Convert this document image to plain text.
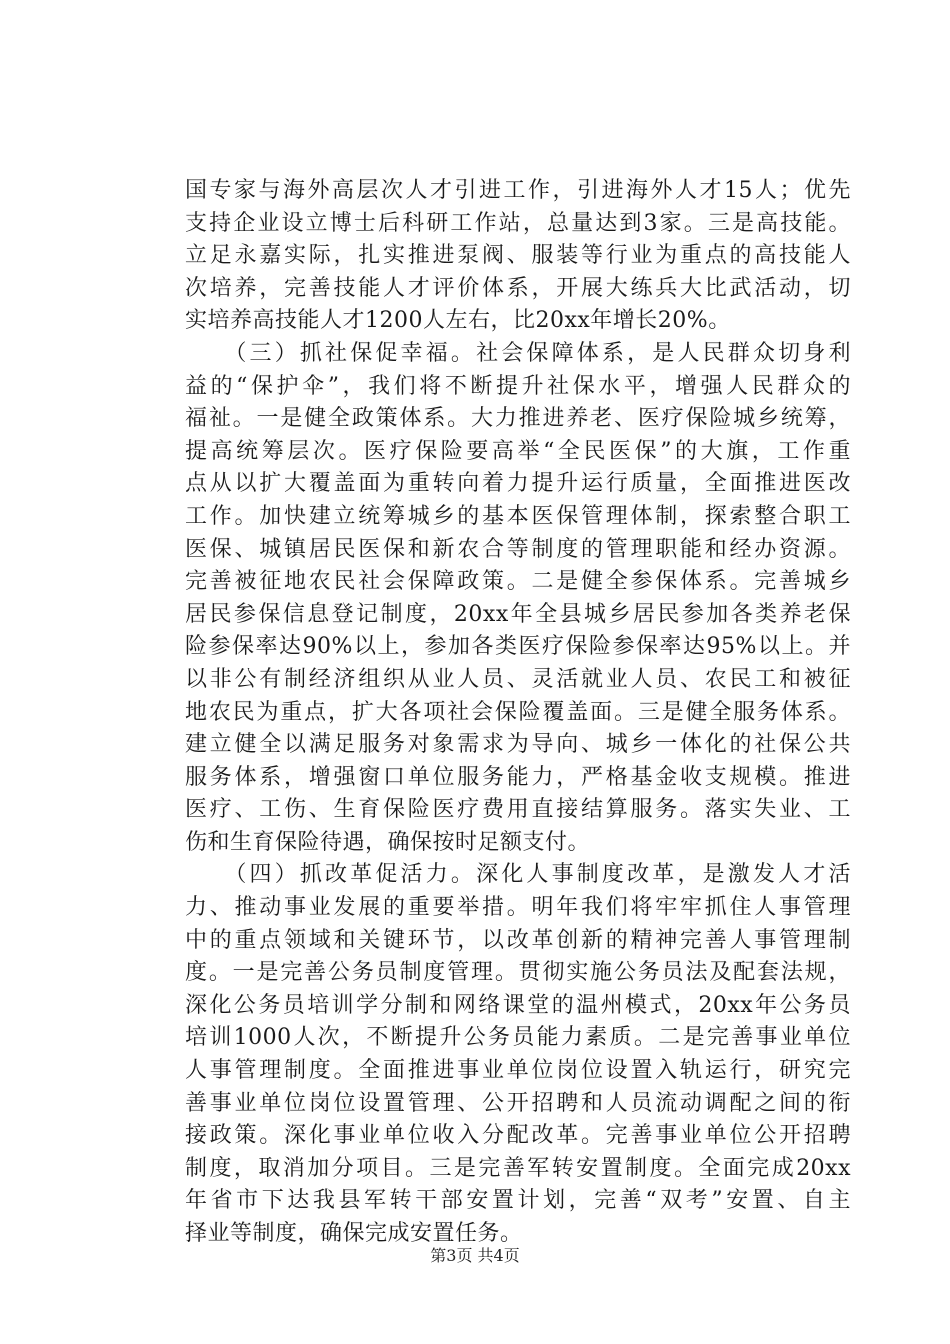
国专家与海外高层次人才引进工作，引进海外人才15人；优先
支持企业设立博士后科研工作站，总量达到3家。三是高技能。
立足永嘉实际，扎实推进泵阀、服装等行业为重点的高技能人
次培养，完善技能人才评价体系，开展大练兵大比武活动，切
实培养高技能人才1200人左右，比20xx年增长20%。
　　（三）抓社保促幸福。社会保障体系，是人民群众切身利
益的“保护伞”，我们将不断提升社保水平，增强人民群众的
福祉。一是健全政策体系。大力推进养老、医疗保险城乡统筹，
提高统筹层次。医疗保险要高举“全民医保”的大旗，工作重
点从以扩大覆盖面为重转向着力提升运行质量，全面推进医改
工作。加快建立统筹城乡的基本医保管理体制，探索整合职工
医保、城镇居民医保和新农合等制度的管理职能和经办资源。
完善被征地农民社会保障政策。二是健全参保体系。完善城乡
居民参保信息登记制度，20xx年全县城乡居民参加各类养老保
险参保率达90%以上，参加各类医疗保险参保率达95%以上。并
以非公有制经济组织从业人员、灵活就业人员、农民工和被征
地农民为重点，扩大各项社会保险覆盖面。三是健全服务体系。
建立健全以满足服务对象需求为导向、城乡一体化的社保公共
服务体系，增强窗口单位服务能力，严格基金收支规模。推进
医疗、工伤、生育保险医疗费用直接结算服务。落实失业、工
伤和生育保险待遇，确保按时足额支付。
　　（四）抓改革促活力。深化人事制度改革，是激发人才活
力、推动事业发展的重要举措。明年我们将牢牢抓住人事管理
中的重点领域和关键环节，以改革创新的精神完善人事管理制
度。一是完善公务员制度管理。贯彻实施公务员法及配套法规，
深化公务员培训学分制和网络课堂的温州模式，20xx年公务员
培训1000人次，不断提升公务员能力素质。二是完善事业单位
人事管理制度。全面推进事业单位岗位设置入轨运行，研究完
善事业单位岗位设置管理、公开招聘和人员流动调配之间的衔
接政策。深化事业单位收入分配改革。完善事业单位公开招聘
制度，取消加分项目。三是完善军转安置制度。全面完成20xx
年省市下达我县军转干部安置计划，完善“双考”安置、自主
择业等制度，确保完成安置任务。
第3页 共4页
